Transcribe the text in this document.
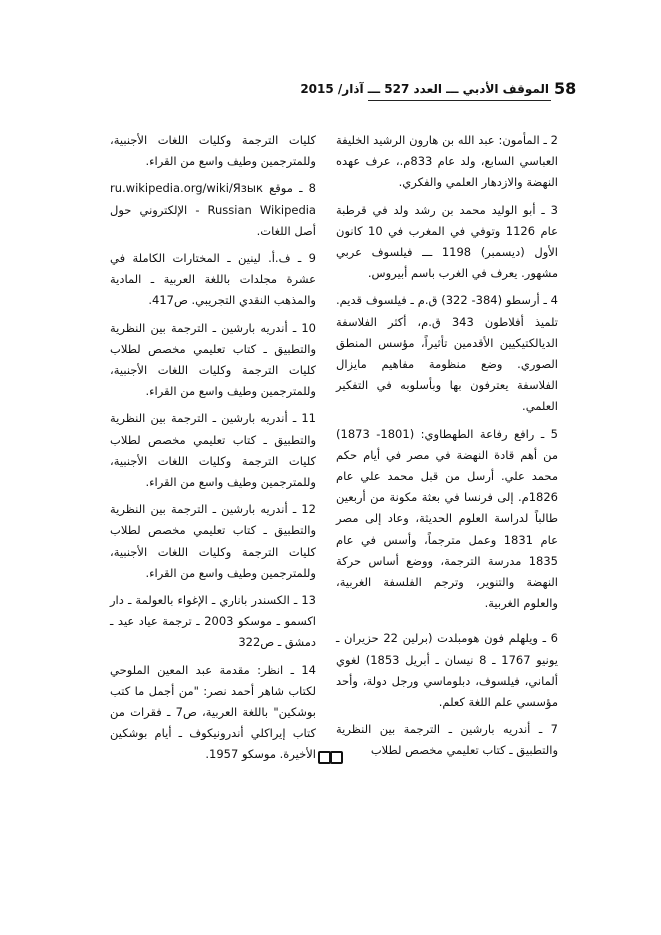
58
الموقف الأدبي ـــ العدد 527 ـــ آذار/ 2015

2 ـ المأمون: عبد الله بن هارون الرشيد الخليفة العباسي السابع، ولد عام 833م.، عرف عهده النهضة والازدهار العلمي والفكري.

3 ـ أبو الوليد محمد بن رشد ولد في قرطبة عام 1126 وتوفي في المغرب في 10 كانون الأول (ديسمبر) 1198 ـــ فيلسوف عربي مشهور. يعرف في الغرب باسم أبيروس.

4 ـ أرسطو (384- 322) ق.م ـ فيلسوف قديم. تلميذ أفلاطون 343 ق.م، أكثر الفلاسفة الديالكتيكيين الأقدمين تأثيراً، مؤسس المنطق الصوري. وضع منظومة مفاهيم مايزال الفلاسفة يعترفون بها وبأسلوبه في التفكير العلمي.

5 ـ رافع رفاعة الطهطاوي: (1801- 1873) من أهم قادة النهضة في مصر في أيام حكم محمد علي. أرسل من قبل محمد علي عام 1826م. إلى فرنسا في بعثة مكونة من أربعين طالباً لدراسة العلوم الحديثة، وعاد إلى مصر عام 1831 وعمل مترجماً، وأسس في عام 1835 مدرسة الترجمة، ووضع أساس حركة النهضة والتنوير، وترجم الفلسفة الغربية، والعلوم الغربية.

6 ـ ويلهلم فون هومبلدت (برلين 22 حزيران ـ يونيو 1767 ـ 8 نيسان ـ أبريل 1853) لغوي ألماني، فيلسوف، دبلوماسي ورجل دولة، وأحد مؤسسي علم اللغة كعلم.

7 ـ أندريه بارشين ـ الترجمة بين النظرية والتطبيق ـ كتاب تعليمي مخصص لطلاب

كليات الترجمة وكليات اللغات الأجنبية، وللمترجمين وطيف واسع من القراء.

8 ـ موقع ru.wikipedia.org/wiki/Язык Russian Wikipedia - الإلكتروني حول أصل اللغات.

9 ـ ف.أ. لينين ـ المختارات الكاملة في عشرة مجلدات باللغة العربية ـ المادية والمذهب النقدي التجريبي. ص417.

10 ـ أندريه بارشين ـ الترجمة بين النظرية والتطبيق ـ كتاب تعليمي مخصص لطلاب كليات الترجمة وكليات اللغات الأجنبية، وللمترجمين وطيف واسع من القراء.

11 ـ أندريه بارشين ـ الترجمة بين النظرية والتطبيق ـ كتاب تعليمي مخصص لطلاب كليات الترجمة وكليات اللغات الأجنبية، وللمترجمين وطيف واسع من القراء.

12 ـ أندريه بارشين ـ الترجمة بين النظرية والتطبيق ـ كتاب تعليمي مخصص لطلاب كليات الترجمة وكليات اللغات الأجنبية، وللمترجمين وطيف واسع من القراء.

13 ـ الكسندر باناري ـ الإغواء بالعولمة ـ دار اكسمو ـ موسكو 2003 ـ ترجمة عياد عيد ـ دمشق ـ ص322

14 ـ انظر: مقدمة عبد المعين الملوحي لكتاب شاهر أحمد نصر: "من أجمل ما كتب بوشكين" باللغة العربية، ص7 ـ فقرات من كتاب إيراكلي أندرونيكوف ـ أيام بوشكين الأخيرة. موسكو 1957.
